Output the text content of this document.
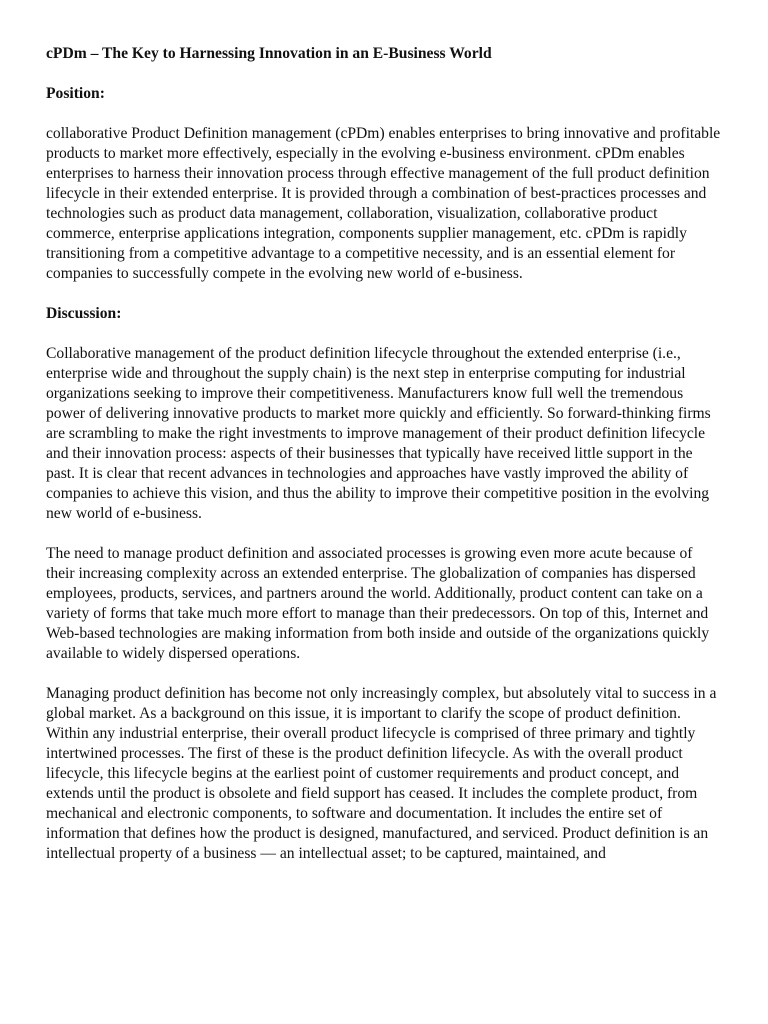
cPDm – The Key to Harnessing Innovation in an E-Business World
Position:

collaborative Product Definition management (cPDm) enables enterprises to bring innovative and profitable products to market more effectively, especially in the evolving e-business environment. cPDm enables enterprises to harness their innovation process through effective management of the full product definition lifecycle in their extended enterprise. It is provided through a combination of best-practices processes and technologies such as product data management, collaboration, visualization, collaborative product commerce, enterprise applications integration, components supplier management, etc. cPDm is rapidly transitioning from a competitive advantage to a competitive necessity, and is an essential element for companies to successfully compete in the evolving new world of e-business.

Discussion:

Collaborative management of the product definition lifecycle throughout the extended enterprise (i.e., enterprise wide and throughout the supply chain) is the next step in enterprise computing for industrial organizations seeking to improve their competitiveness. Manufacturers know full well the tremendous power of delivering innovative products to market more quickly and efficiently. So forward-thinking firms are scrambling to make the right investments to improve management of their product definition lifecycle and their innovation process: aspects of their businesses that typically have received little support in the past. It is clear that recent advances in technologies and approaches have vastly improved the ability of companies to achieve this vision, and thus the ability to improve their competitive position in the evolving new world of e-business.

The need to manage product definition and associated processes is growing even more acute because of their increasing complexity across an extended enterprise. The globalization of companies has dispersed employees, products, services, and partners around the world. Additionally, product content can take on a variety of forms that take much more effort to manage than their predecessors. On top of this, Internet and Web-based technologies are making information from both inside and outside of the organizations quickly available to widely dispersed operations.

Managing product definition has become not only increasingly complex, but absolutely vital to success in a global market. As a background on this issue, it is important to clarify the scope of product definition. Within any industrial enterprise, their overall product lifecycle is comprised of three primary and tightly intertwined processes. The first of these is the product definition lifecycle. As with the overall product lifecycle, this lifecycle begins at the earliest point of customer requirements and product concept, and extends until the product is obsolete and field support has ceased. It includes the complete product, from mechanical and electronic components, to software and documentation. It includes the entire set of information that defines how the product is designed, manufactured, and serviced. Product definition is an intellectual property of a business — an intellectual asset; to be captured, maintained, and
